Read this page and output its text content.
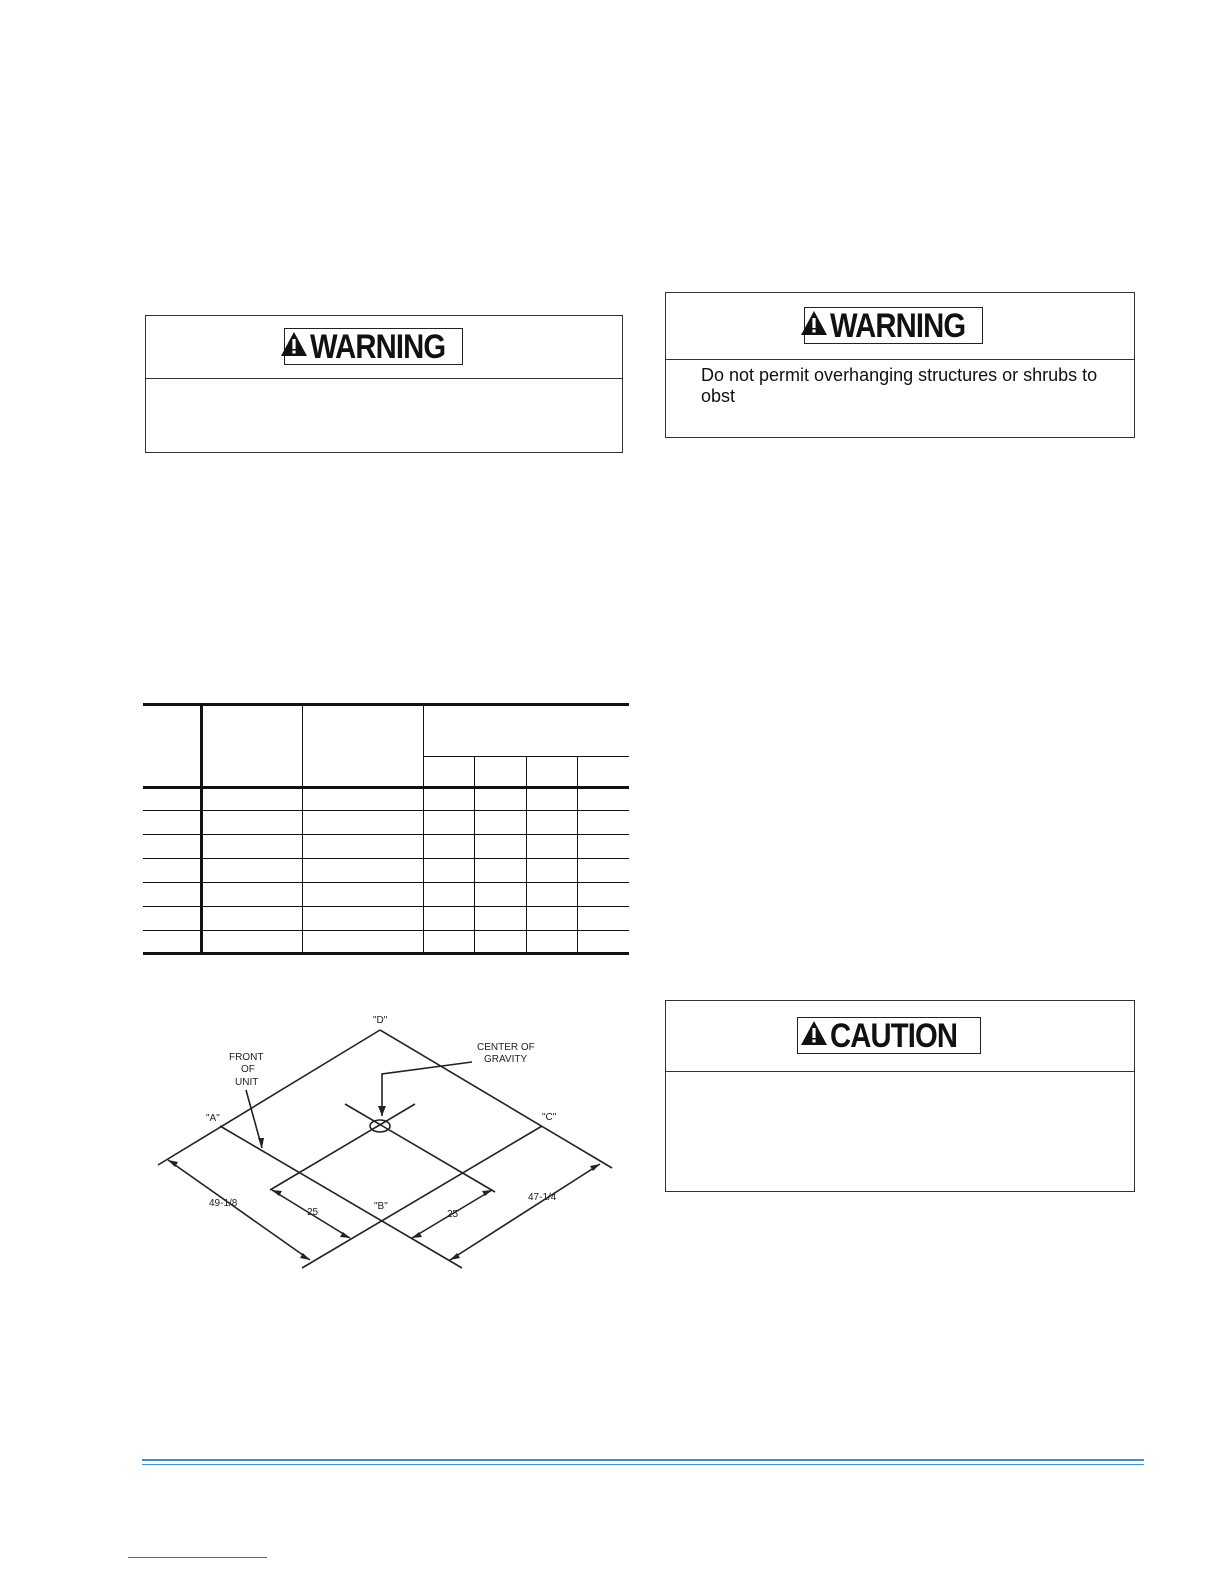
WARNING
WARNING
Do not permit overhanging structures or shrubs to obst
CAUTION
"D"
"A"	"C"
"B"
FRONT
OF
UNIT
CENTER OF
GRAVITY
49-1/8
47-1/4
25	25
